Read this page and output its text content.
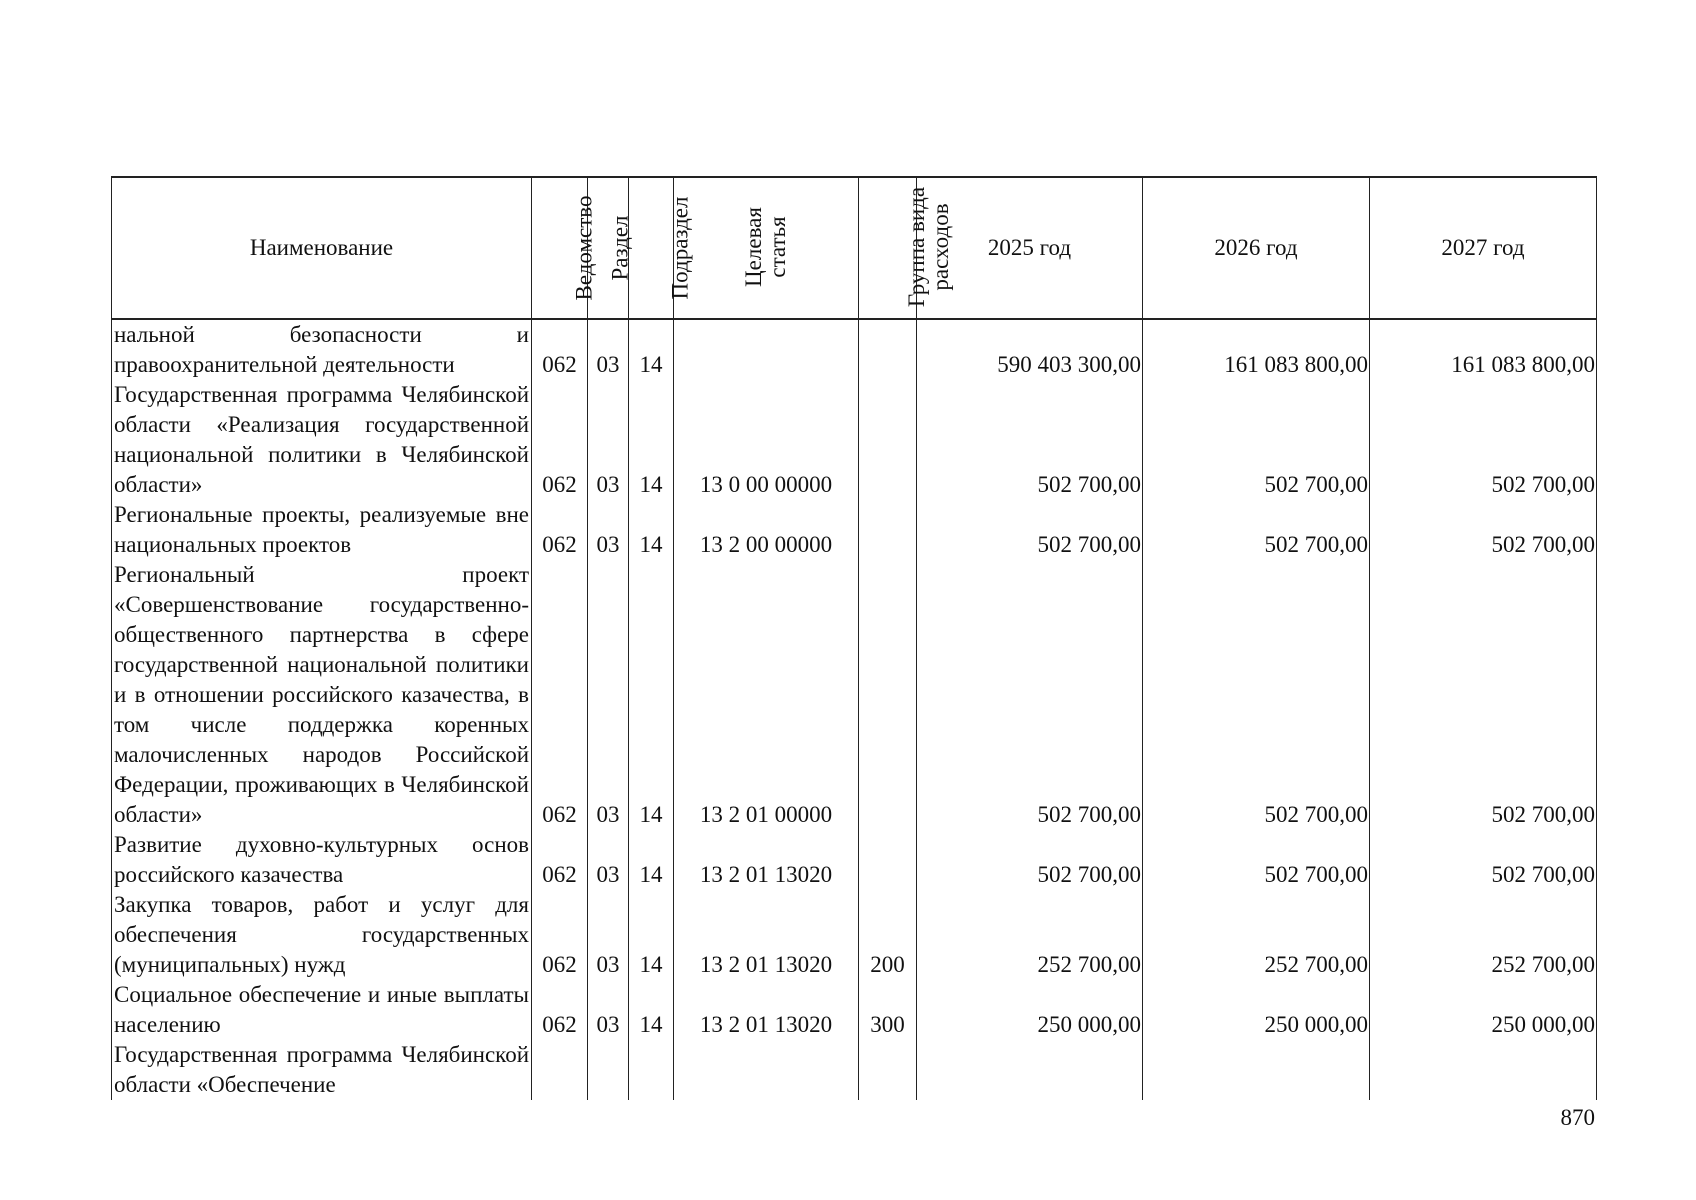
Наименование	Ведомство	Раздел	Подраздел	Целевая статья	Группа вида расходов	2025 год	2026 год	2027 год
нальной безопасности и правоохранительной деятельности	062	03	14			590 403 300,00	161 083 800,00	161 083 800,00
Государственная программа Челябинской области «Реализация государственной национальной политики в Челябинской области»	062	03	14	13 0 00 00000		502 700,00	502 700,00	502 700,00
Региональные проекты, реализуемые вне национальных проектов	062	03	14	13 2 00 00000		502 700,00	502 700,00	502 700,00
Региональный проект «Совершенствование государственно-общественного партнерства в сфере государственной национальной политики и в отношении российского казачества, в том числе поддержка коренных малочисленных народов Российской Федерации, проживающих в Челябинской области»	062	03	14	13 2 01 00000		502 700,00	502 700,00	502 700,00
Развитие духовно-культурных основ российского казачества	062	03	14	13 2 01 13020		502 700,00	502 700,00	502 700,00
Закупка товаров, работ и услуг для обеспечения государственных (муниципальных) нужд	062	03	14	13 2 01 13020	200	252 700,00	252 700,00	252 700,00
Социальное обеспечение и иные выплаты населению	062	03	14	13 2 01 13020	300	250 000,00	250 000,00	250 000,00
Государственная программа Челябинской области «Обеспечение								
870
